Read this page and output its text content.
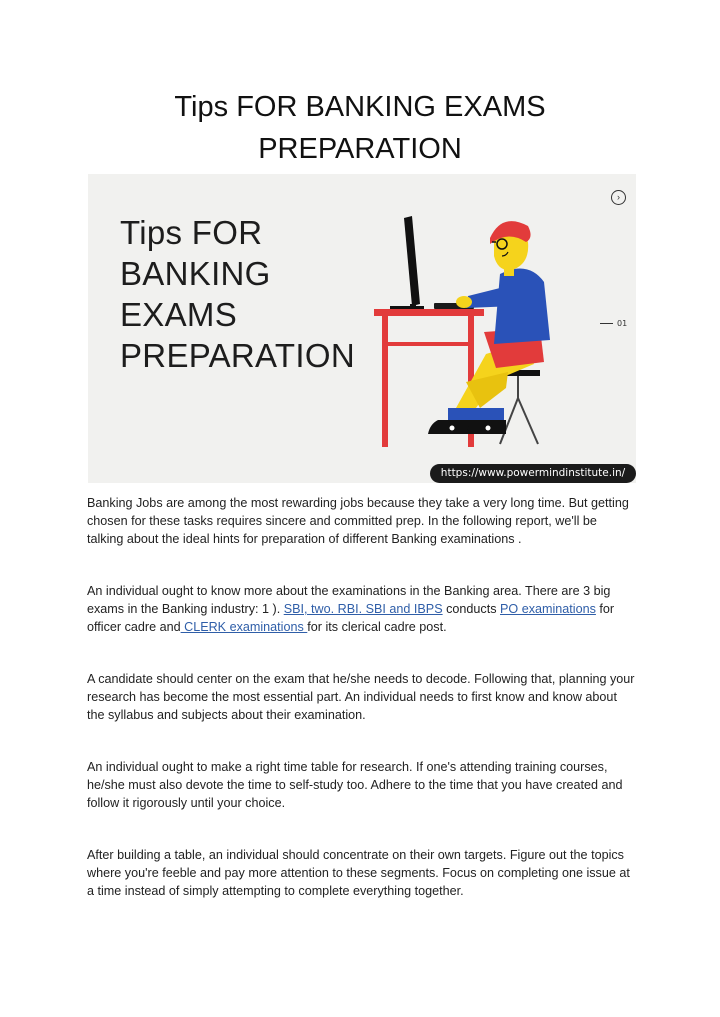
Tips FOR BANKING EXAMS
PREPARATION
Tips FOR
BANKING
EXAMS
PREPARATION
›
01
https://www.powermindinstitute.in/

Banking Jobs are among the most rewarding jobs because they take a very long time. But getting chosen for these tasks requires sincere and committed prep. In the following report, we'll be talking about the ideal hints for preparation of different Banking examinations .

An individual ought to know more about the examinations in the Banking area. There are 3 big exams in the Banking industry: 1 ). SBI, two. RBI. SBI and IBPS conducts PO examinations for officer cadre and CLERK examinations for its clerical cadre post.

A candidate should center on the exam that he/she needs to decode. Following that, planning your research has become the most essential part. An individual needs to first know and know about the syllabus and subjects about their examination.

An individual ought to make a right time table for research. If one's attending training courses, he/she must also devote the time to self-study too. Adhere to the time that you have created and follow it rigorously until your choice.

After building a table, an individual should concentrate on their own targets. Figure out the topics where you're feeble and pay more attention to these segments. Focus on completing one issue at a time instead of simply attempting to complete everything together.
